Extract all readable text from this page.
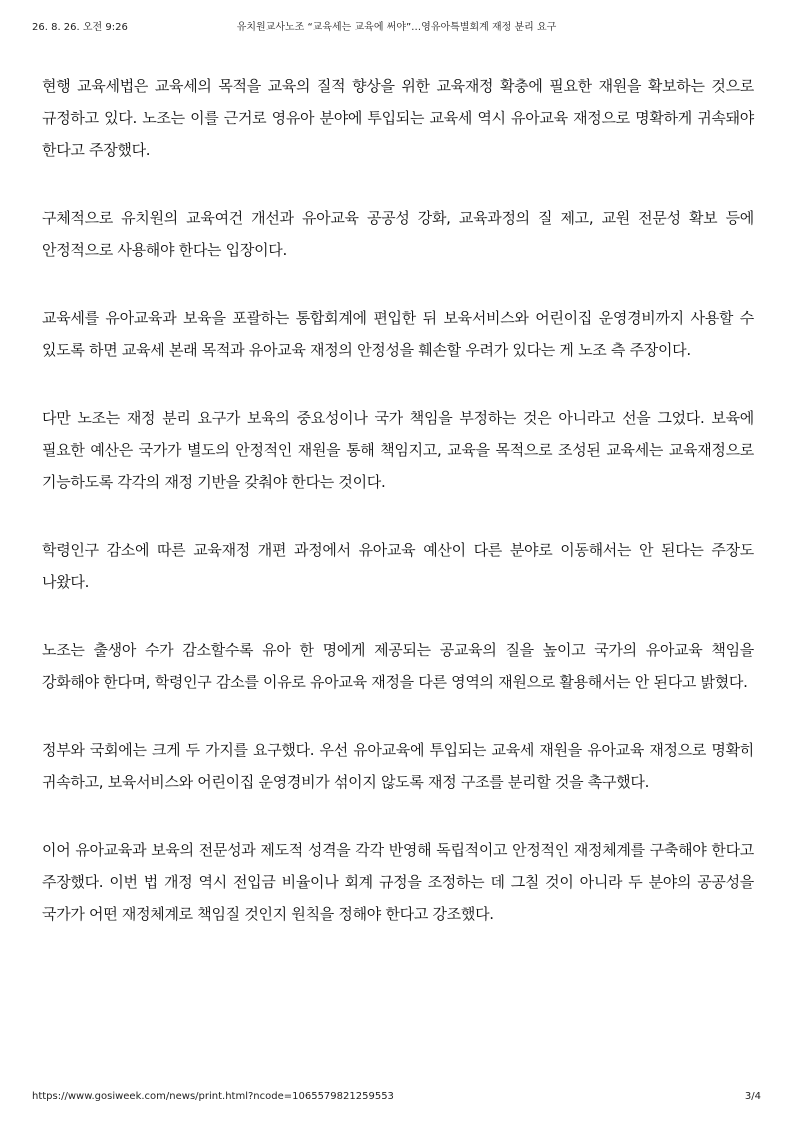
26. 8. 26. 오전 9:26	유치원교사노조 “교육세는 교육에 써야”…영유아특별회계 재정 분리 요구

현행 교육세법은 교육세의 목적을 교육의 질적 향상을 위한 교육재정 확충에 필요한 재원을 확보하는 것으로 규정하고 있다. 노조는 이를 근거로 영유아 분야에 투입되는 교육세 역시 유아교육 재정으로 명확하게 귀속돼야 한다고 주장했다.

구체적으로 유치원의 교육여건 개선과 유아교육 공공성 강화, 교육과정의 질 제고, 교원 전문성 확보 등에 안정적으로 사용해야 한다는 입장이다.

교육세를 유아교육과 보육을 포괄하는 통합회계에 편입한 뒤 보육서비스와 어린이집 운영경비까지 사용할 수 있도록 하면 교육세 본래 목적과 유아교육 재정의 안정성을 훼손할 우려가 있다는 게 노조 측 주장이다.

다만 노조는 재정 분리 요구가 보육의 중요성이나 국가 책임을 부정하는 것은 아니라고 선을 그었다. 보육에 필요한 예산은 국가가 별도의 안정적인 재원을 통해 책임지고, 교육을 목적으로 조성된 교육세는 교육재정으로 기능하도록 각각의 재정 기반을 갖춰야 한다는 것이다.

학령인구 감소에 따른 교육재정 개편 과정에서 유아교육 예산이 다른 분야로 이동해서는 안 된다는 주장도 나왔다.

노조는 출생아 수가 감소할수록 유아 한 명에게 제공되는 공교육의 질을 높이고 국가의 유아교육 책임을 강화해야 한다며, 학령인구 감소를 이유로 유아교육 재정을 다른 영역의 재원으로 활용해서는 안 된다고 밝혔다.

정부와 국회에는 크게 두 가지를 요구했다. 우선 유아교육에 투입되는 교육세 재원을 유아교육 재정으로 명확히 귀속하고, 보육서비스와 어린이집 운영경비가 섞이지 않도록 재정 구조를 분리할 것을 촉구했다.

이어 유아교육과 보육의 전문성과 제도적 성격을 각각 반영해 독립적이고 안정적인 재정체계를 구축해야 한다고 주장했다. 이번 법 개정 역시 전입금 비율이나 회계 규정을 조정하는 데 그칠 것이 아니라 두 분야의 공공성을 국가가 어떤 재정체계로 책임질 것인지 원칙을 정해야 한다고 강조했다.

https://www.gosiweek.com/news/print.html?ncode=1065579821259553	3/4
